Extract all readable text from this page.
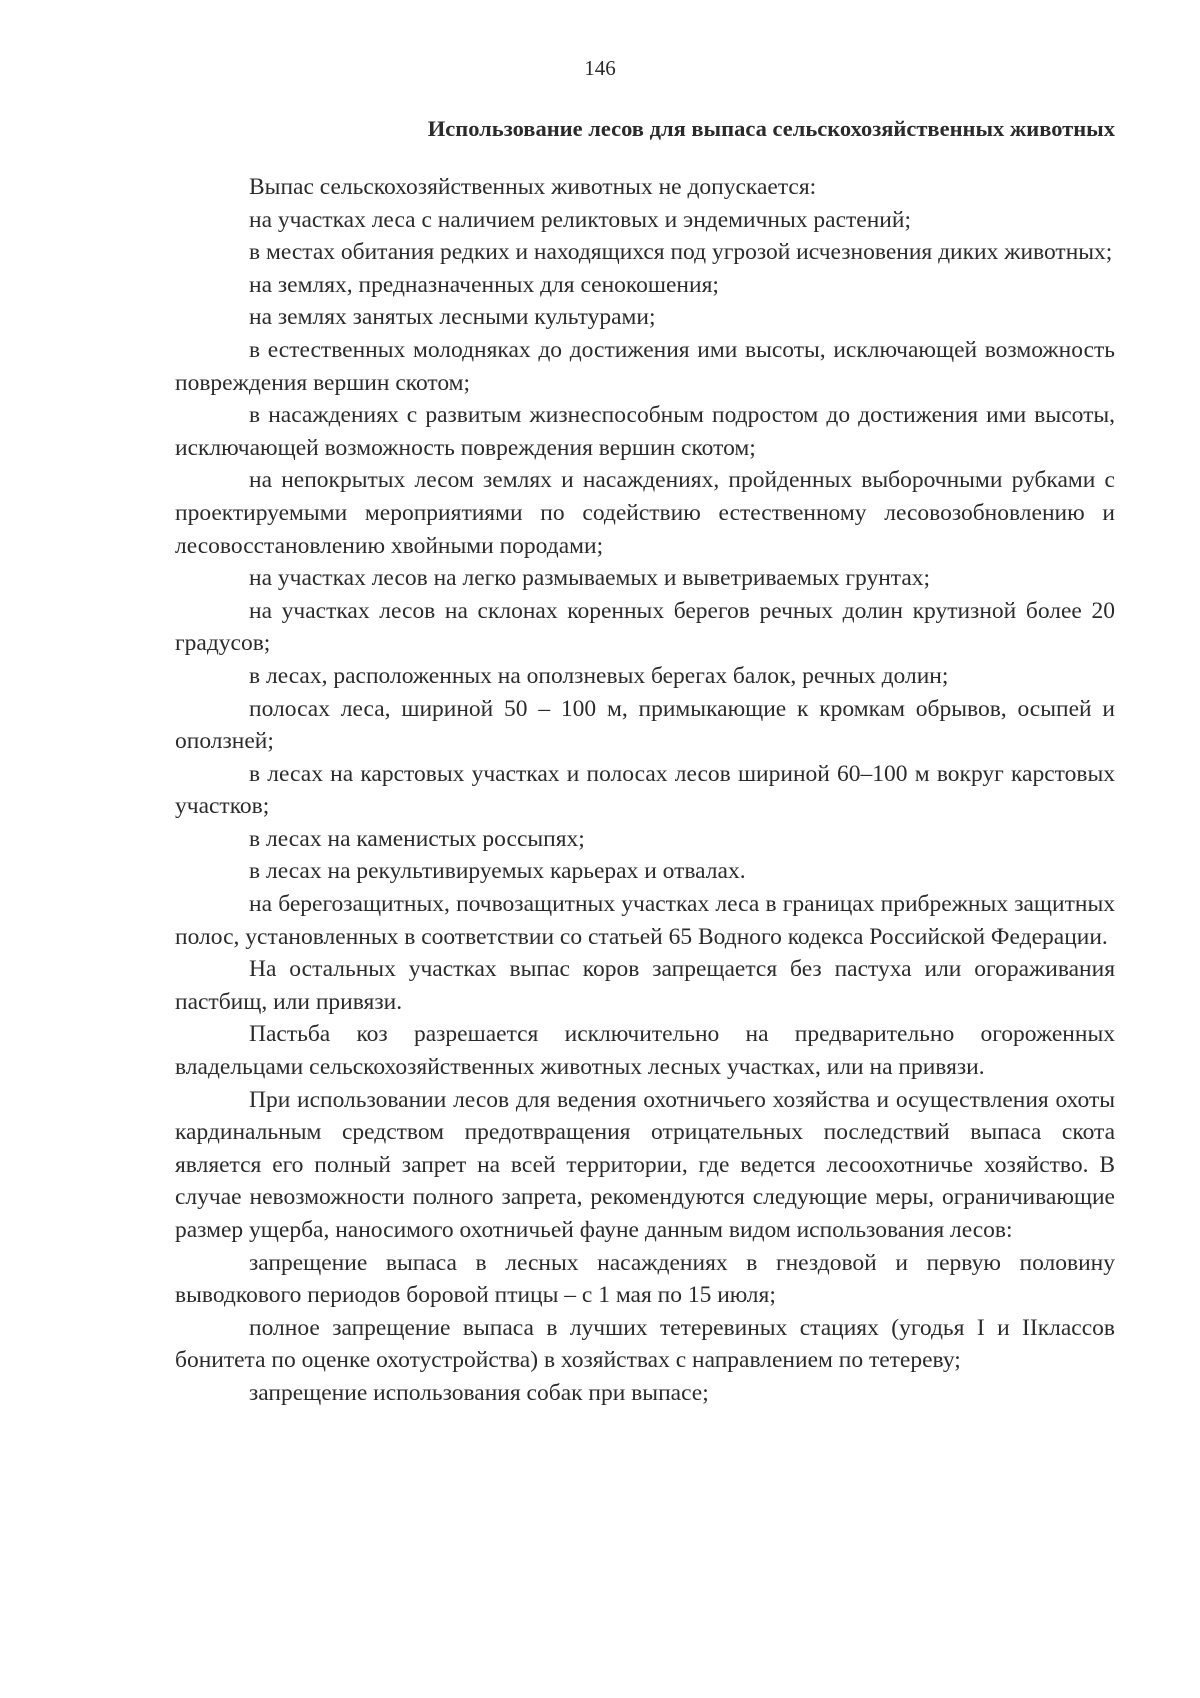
146
Использование лесов для выпаса сельскохозяйственных животных

Выпас сельскохозяйственных животных не допускается:

на участках леса с наличием реликтовых и эндемичных растений;

в местах обитания редких и находящихся под угрозой исчезновения диких животных;

на землях, предназначенных для сенокошения;

на землях занятых лесными культурами;

в естественных молодняках до достижения ими высоты, исключающей возможность повреждения вершин скотом;

в насаждениях с развитым жизнеспособным подростом до достижения ими высоты, исключающей возможность повреждения вершин скотом;

на непокрытых лесом землях и насаждениях, пройденных выборочными рубками с проектируемыми мероприятиями по содействию естественному лесовозобновлению и лесовосстановлению хвойными породами;

на участках лесов на легко размываемых и выветриваемых грунтах;

на участках лесов на склонах коренных берегов речных долин крутизной более 20 градусов;

в лесах, расположенных на оползневых берегах балок, речных долин;

полосах леса, шириной 50 – 100 м, примыкающие к кромкам обрывов, осыпей и оползней;

в лесах на карстовых участках и полосах лесов шириной 60–100 м вокруг карстовых участков;

в лесах на каменистых россыпях;

в лесах на рекультивируемых карьерах и отвалах.

на берегозащитных, почвозащитных участках леса в границах прибрежных защитных полос, установленных в соответствии со статьей 65 Водного кодекса Российской Федерации.

На остальных участках выпас коров запрещается без пастуха или огораживания пастбищ, или привязи.

Пастьба коз разрешается исключительно на предварительно огороженных владельцами сельскохозяйственных животных лесных участках, или на привязи.

При использовании лесов для ведения охотничьего хозяйства и осуществления охоты кардинальным средством предотвращения отрицательных последствий выпаса скота является его полный запрет на всей территории, где ведется лесоохотничье хозяйство. В случае невозможности полного запрета, рекомендуются следующие меры, ограничивающие размер ущерба, наносимого охотничьей фауне данным видом использования лесов:

запрещение выпаса в лесных насаждениях в гнездовой и первую половину выводкового периодов боровой птицы – с 1 мая по 15 июля;

полное запрещение выпаса в лучших тетеревиных стациях (угодья I и IIклассов бонитета по оценке охотустройства) в хозяйствах с направлением по тетереву;

запрещение использования собак при выпасе;
